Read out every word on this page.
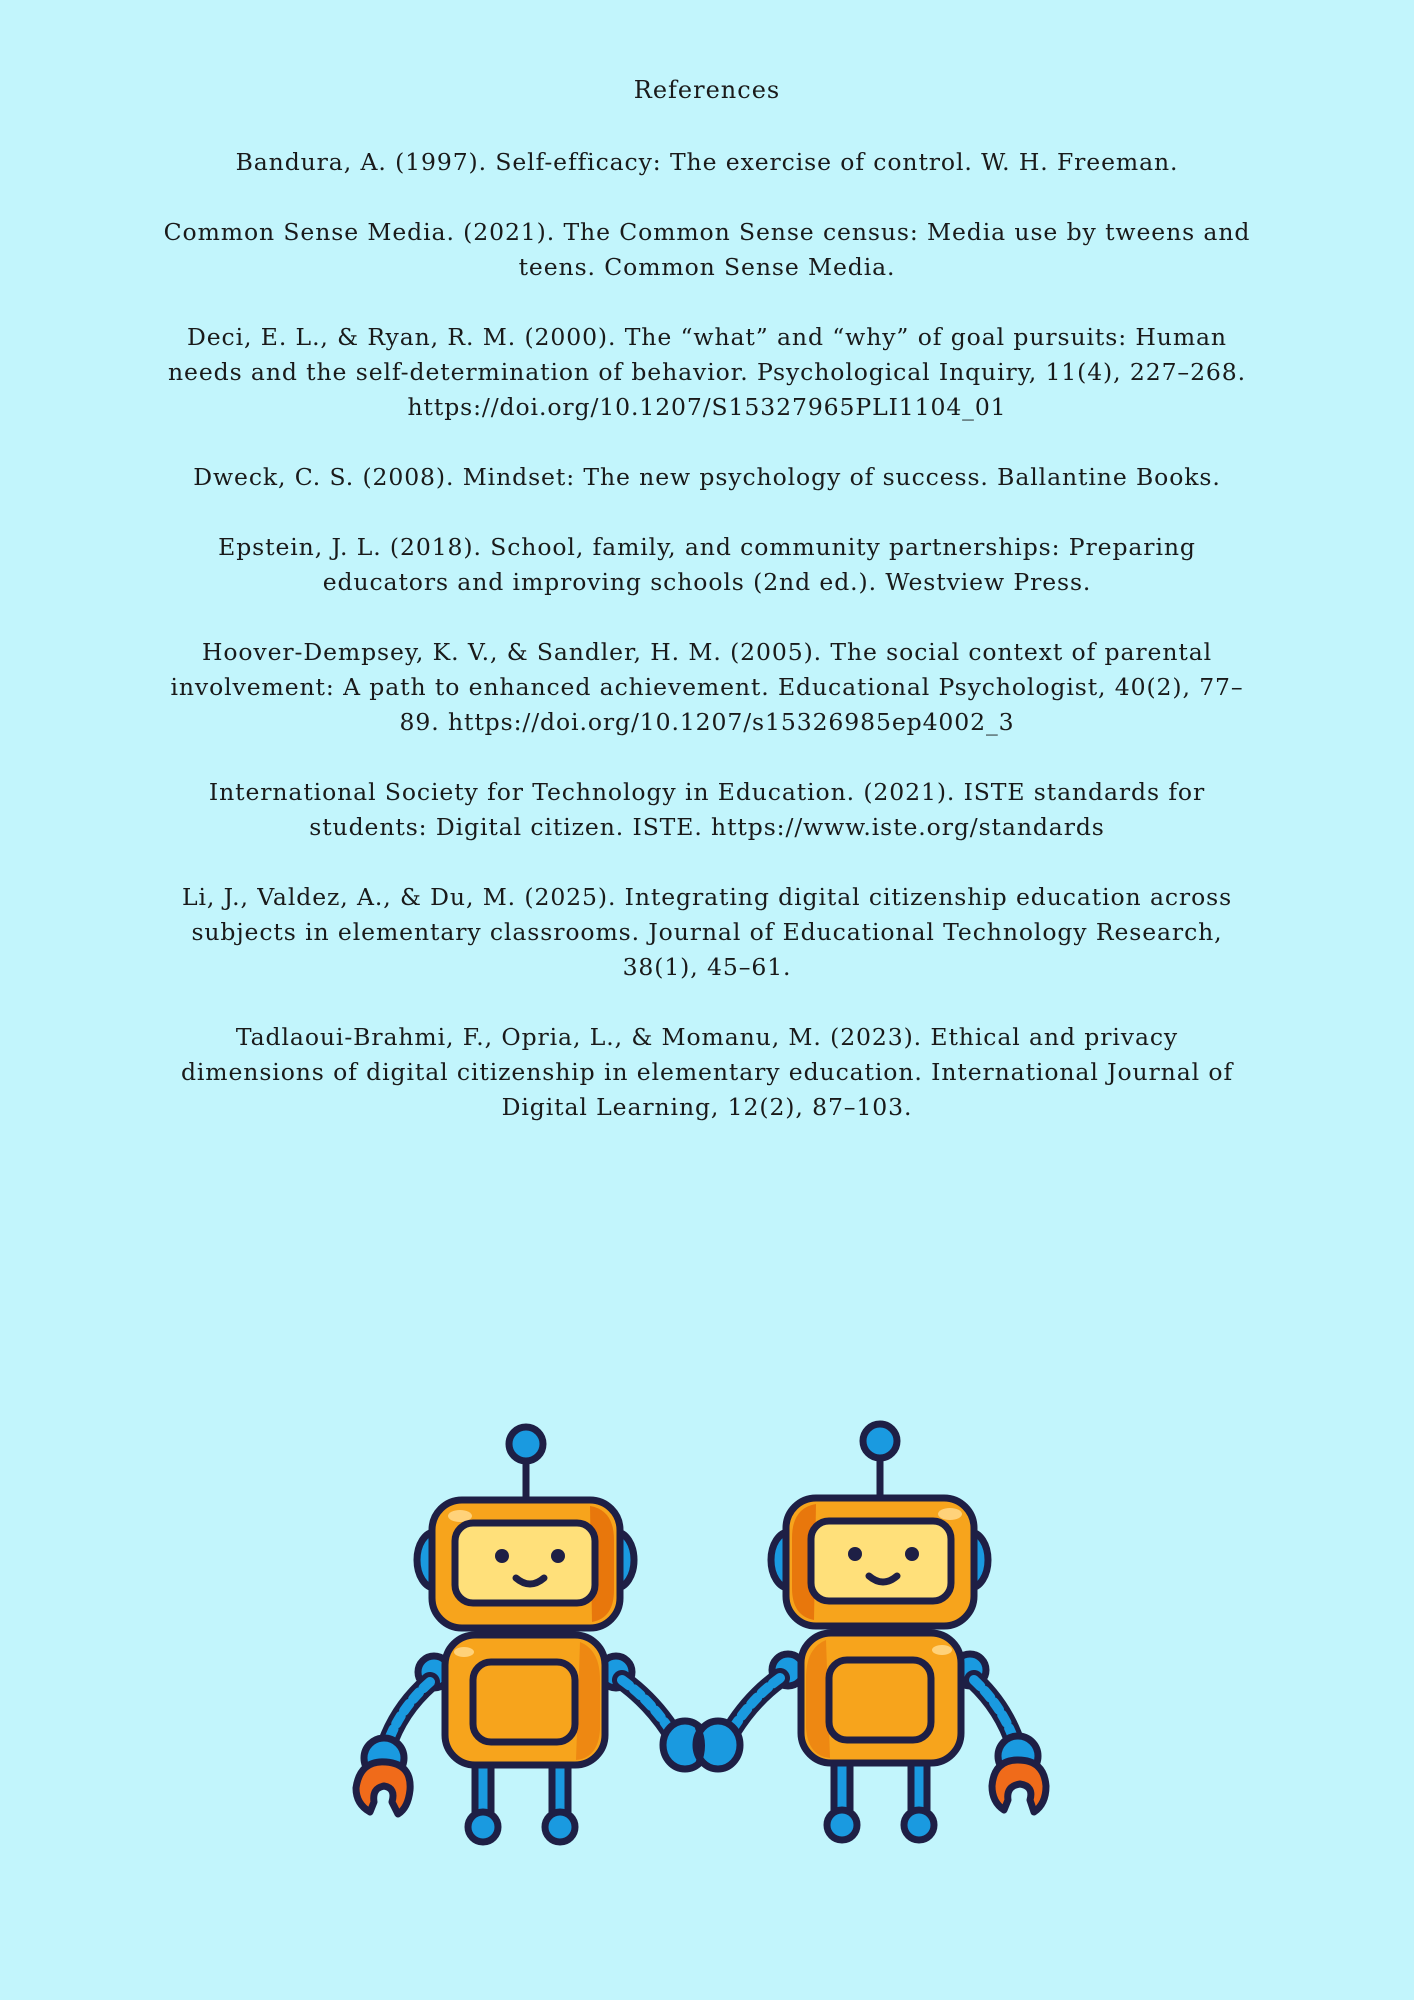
References
Bandura, A. (1997). Self-efficacy: The exercise of control. W. H. Freeman.
Common Sense Media. (2021). The Common Sense census: Media use by tweens and teens. Common Sense Media.
Deci, E. L., & Ryan, R. M. (2000). The “what” and “why” of goal pursuits: Human needs and the self-determination of behavior. Psychological Inquiry, 11(4), 227–268. https://doi.org/10.1207/S15327965PLI1104_01
Dweck, C. S. (2008). Mindset: The new psychology of success. Ballantine Books.
Epstein, J. L. (2018). School, family, and community partnerships: Preparing educators and improving schools (2nd ed.). Westview Press.
Hoover-Dempsey, K. V., & Sandler, H. M. (2005). The social context of parental involvement: A path to enhanced achievement. Educational Psychologist, 40(2), 77–89. https://doi.org/10.1207/s15326985ep4002_3
International Society for Technology in Education. (2021). ISTE standards for students: Digital citizen. ISTE. https://www.iste.org/standards
Li, J., Valdez, A., & Du, M. (2025). Integrating digital citizenship education across subjects in elementary classrooms. Journal of Educational Technology Research, 38(1), 45–61.
Tadlaoui-Brahmi, F., Opria, L., & Momanu, M. (2023). Ethical and privacy dimensions of digital citizenship in elementary education. International Journal of Digital Learning, 12(2), 87–103.
